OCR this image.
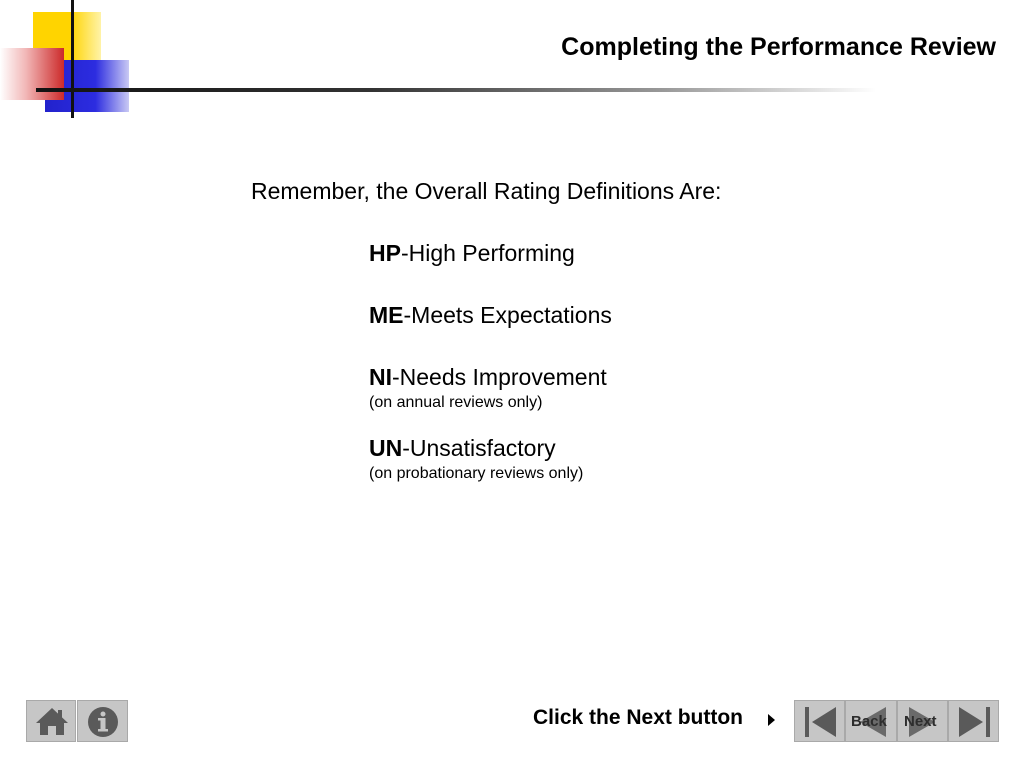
Completing the Performance Review
Remember, the Overall Rating Definitions Are:
HP-High Performing
ME-Meets Expectations
NI-Needs Improvement
(on annual reviews only)
UN-Unsatisfactory
(on probationary reviews only)
Click the Next button	Back Next
